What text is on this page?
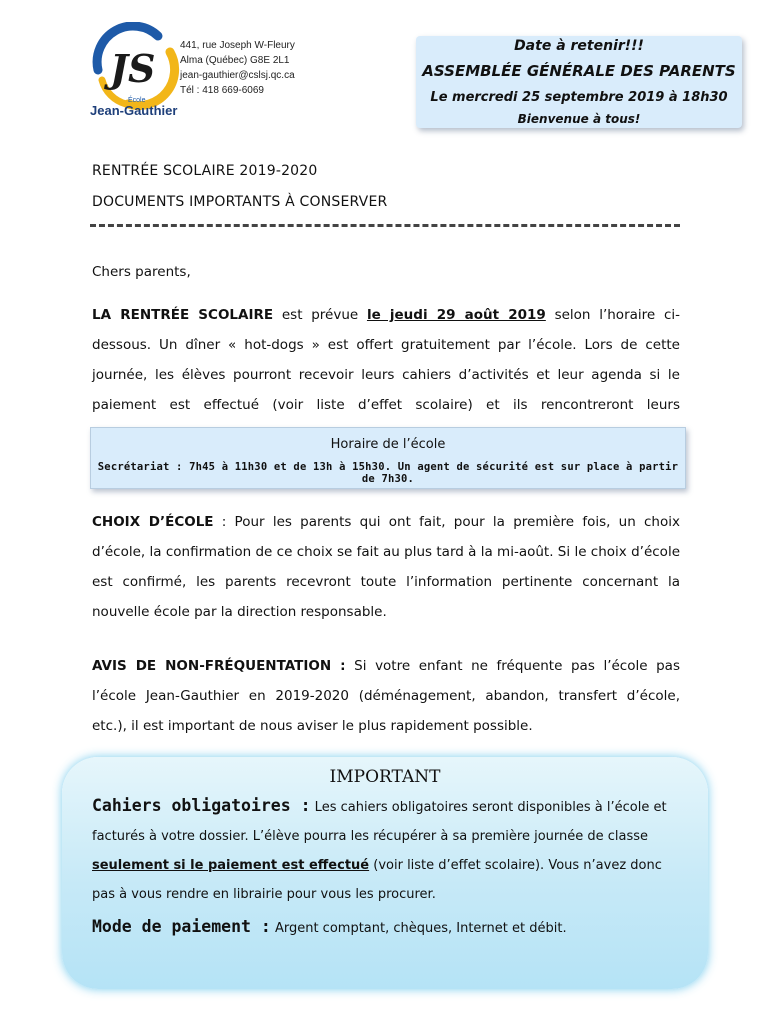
JS
École
Jean-Gauthier
441, rue Joseph W-Fleury
Alma (Québec) G8E 2L1
jean-gauthier@cslsj.qc.ca
Tél : 418 669-6069
Date à retenir!!!
ASSEMBLÉE GÉNÉRALE DES PARENTS
Le mercredi 25 septembre 2019 à 18h30
Bienvenue à tous!
RENTRÉE SCOLAIRE 2019-2020
DOCUMENTS IMPORTANTS À CONSERVER
Chers parents,
LA RENTRÉE SCOLAIRE est prévue le jeudi 29 août 2019 selon l’horaire ci-dessous. Un dîner « hot-dogs » est offert gratuitement par l’école. Lors de cette journée, les élèves pourront recevoir leurs cahiers d’activités et leur agenda si le paiement est effectué (voir liste d’effet scolaire) et ils rencontreront leurs
Horaire de l’école
Secrétariat : 7h45 à 11h30 et de 13h à 15h30. Un agent de sécurité est sur place à partir de 7h30.
CHOIX D’ÉCOLE : Pour les parents qui ont fait, pour la première fois, un choix d’école, la confirmation de ce choix se fait au plus tard à la mi-août. Si le choix d’école est confirmé, les parents recevront toute l’information pertinente concernant la nouvelle école par la direction responsable.
AVIS DE NON-FRÉQUENTATION : Si votre enfant ne fréquente pas l’école pas l’école Jean-Gauthier en 2019-2020 (déménagement, abandon, transfert d’école, etc.), il est important de nous aviser le plus rapidement possible.
IMPORTANT
Cahiers obligatoires : Les cahiers obligatoires seront disponibles à l’école et facturés à votre dossier. L’élève pourra les récupérer à sa première journée de classe seulement si le paiement est effectué (voir liste d’effet scolaire). Vous n’avez donc pas à vous rendre en librairie pour vous les procurer.
Mode de paiement : Argent comptant, chèques, Internet et débit.
